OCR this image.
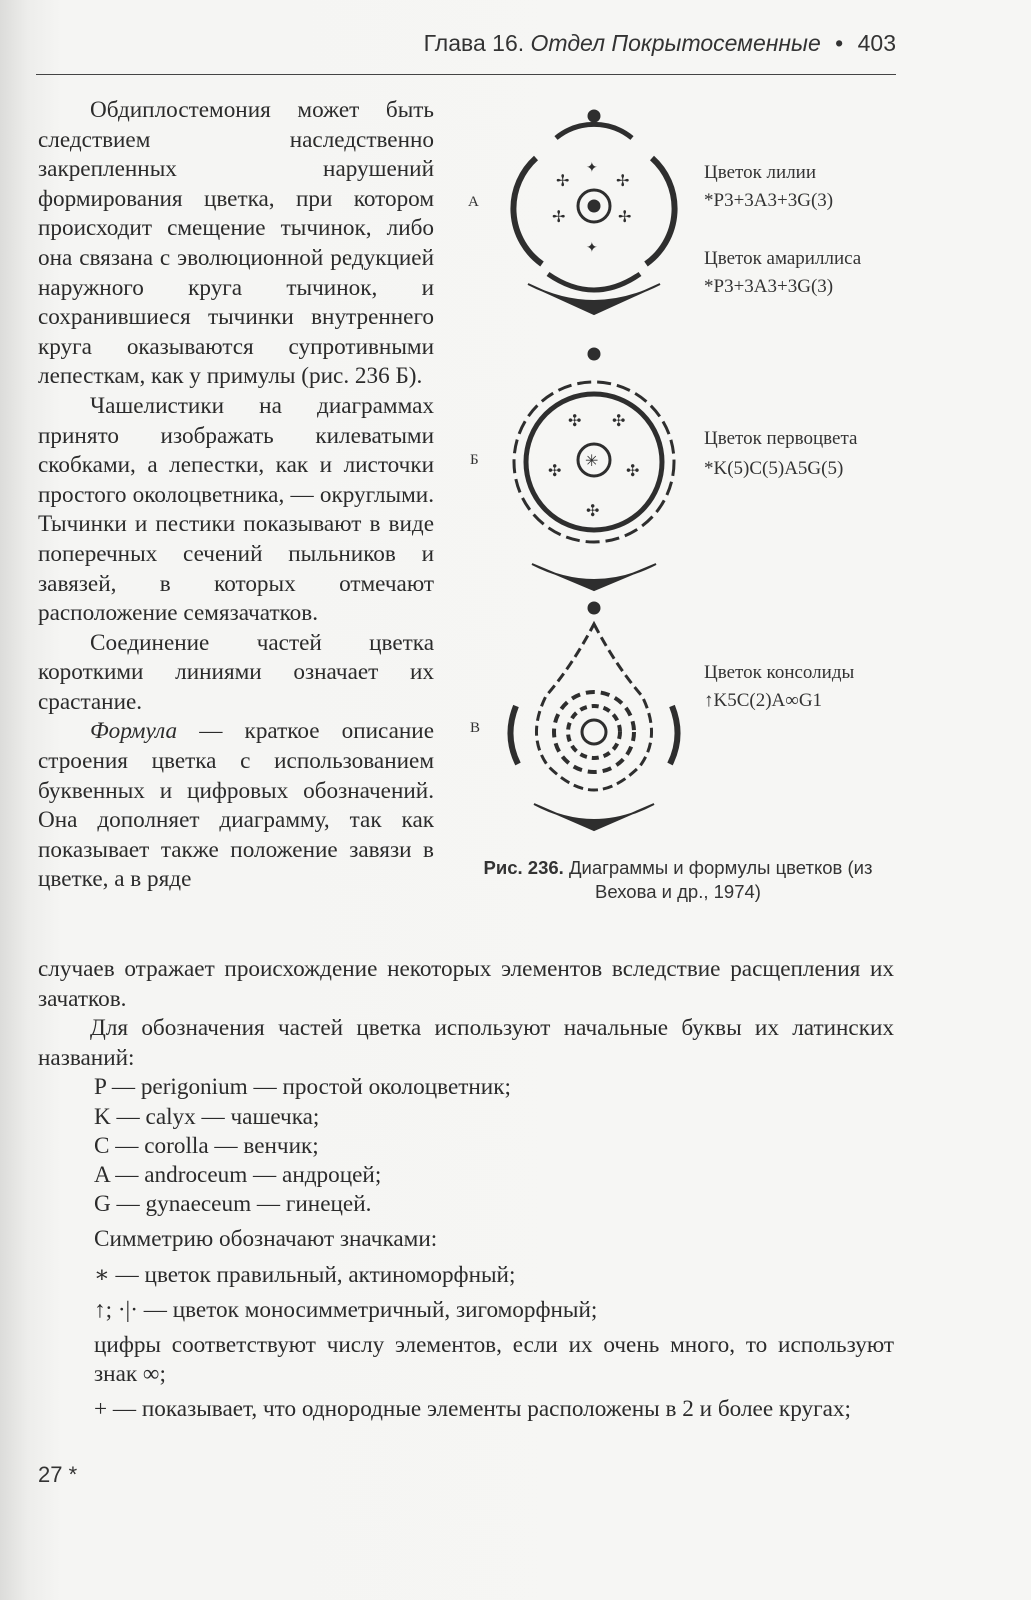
Глава 16. Отдел Покрытосеменные • 403

Обдиплостемония может быть следствием наследственно закрепленных нарушений формирования цветка, при котором происходит смещение тычинок, либо она связана с эволюционной редукцией наружного круга тычинок, и сохранившиеся тычинки внутреннего круга оказываются супротивными лепесткам, как у примулы (рис. 236 Б).

Чашелистики на диаграммах принято изображать килеватыми скобками, а лепестки, как и листочки простого околоцветника, — округлыми. Тычинки и пестики показывают в виде поперечных сечений пыльников и завязей, в которых отмечают расположение семязачатков.

Соединение частей цветка короткими линиями означает их срастание.

Формула — краткое описание строения цветка с использованием буквенных и цифровых обозначений. Она дополняет диаграмму, так как показывает также положение завязи в цветке, а в ряде

✢	✢
✦
✢	✢
✦
✣ ✣
✣	✣
✣
✳
А
Б
В
Цветок лилии
*P3+3A3+3G(3)
Цветок амариллиса
*P3+3A3+3G(3)
Цветок первоцвета
*K(5)C(5)A5G(5)
Цветок консолиды
↑K5C(2)A∞G1
Рис. 236. Диаграммы и формулы цветков (из Вехова и др., 1974)

случаев отражает происхождение некоторых элементов вследствие расщепления их зачатков.

Для обозначения частей цветка используют начальные буквы их латинских названий:

P — perigonium — простой околоцветник;

K — calyx — чашечка;

C — corolla — венчик;

A — androceum — андроцей;

G — gynaeceum — гинецей.

Симметрию обозначают значками:

∗ — цветок правильный, актиноморфный;

↑; ·|· — цветок моносимметричный, зигоморфный;

цифры соответствуют числу элементов, если их очень много, то используют знак ∞;

+ — показывает, что однородные элементы расположены в 2 и более кругах;

27 *
